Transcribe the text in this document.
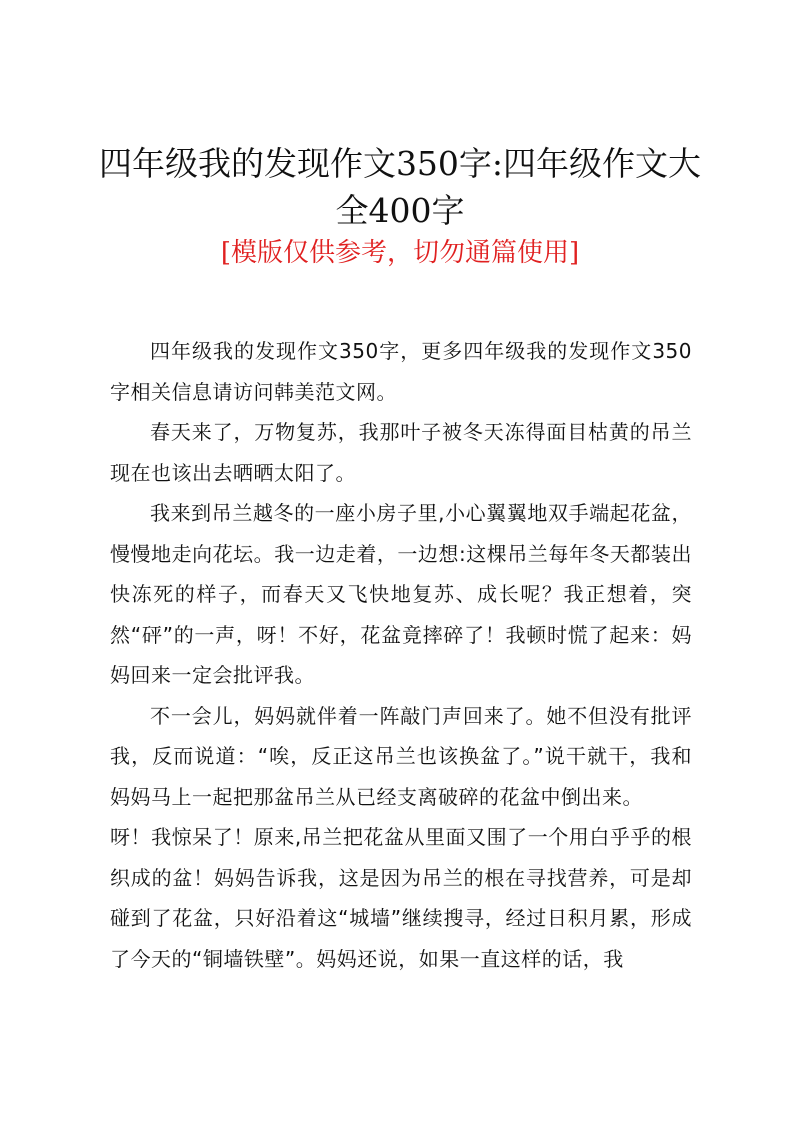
四年级我的发现作文350字:四年级作文大全400字
[模版仅供参考，切勿通篇使用]

四年级我的发现作文350字，更多四年级我的发现作文350字相关信息请访问韩美范文网。

春天来了，万物复苏，我那叶子被冬天冻得面目枯黄的吊兰现在也该出去晒晒太阳了。

我来到吊兰越冬的一座小房子里,小心翼翼地双手端起花盆，慢慢地走向花坛。我一边走着，一边想:这棵吊兰每年冬天都装出快冻死的样子，而春天又飞快地复苏、成长呢？我正想着，突然“砰”的一声，呀！不好，花盆竟摔碎了！我顿时慌了起来：妈妈回来一定会批评我。

不一会儿，妈妈就伴着一阵敲门声回来了。她不但没有批评我，反而说道：“唉，反正这吊兰也该换盆了。”说干就干，我和妈妈马上一起把那盆吊兰从已经支离破碎的花盆中倒出来。

呀！我惊呆了！原来,吊兰把花盆从里面又围了一个用白乎乎的根织成的盆！妈妈告诉我，这是因为吊兰的根在寻找营养，可是却碰到了花盆，只好沿着这“城墙”继续搜寻，经过日积月累，形成了今天的“铜墙铁壁”。妈妈还说，如果一直这样的话，我
